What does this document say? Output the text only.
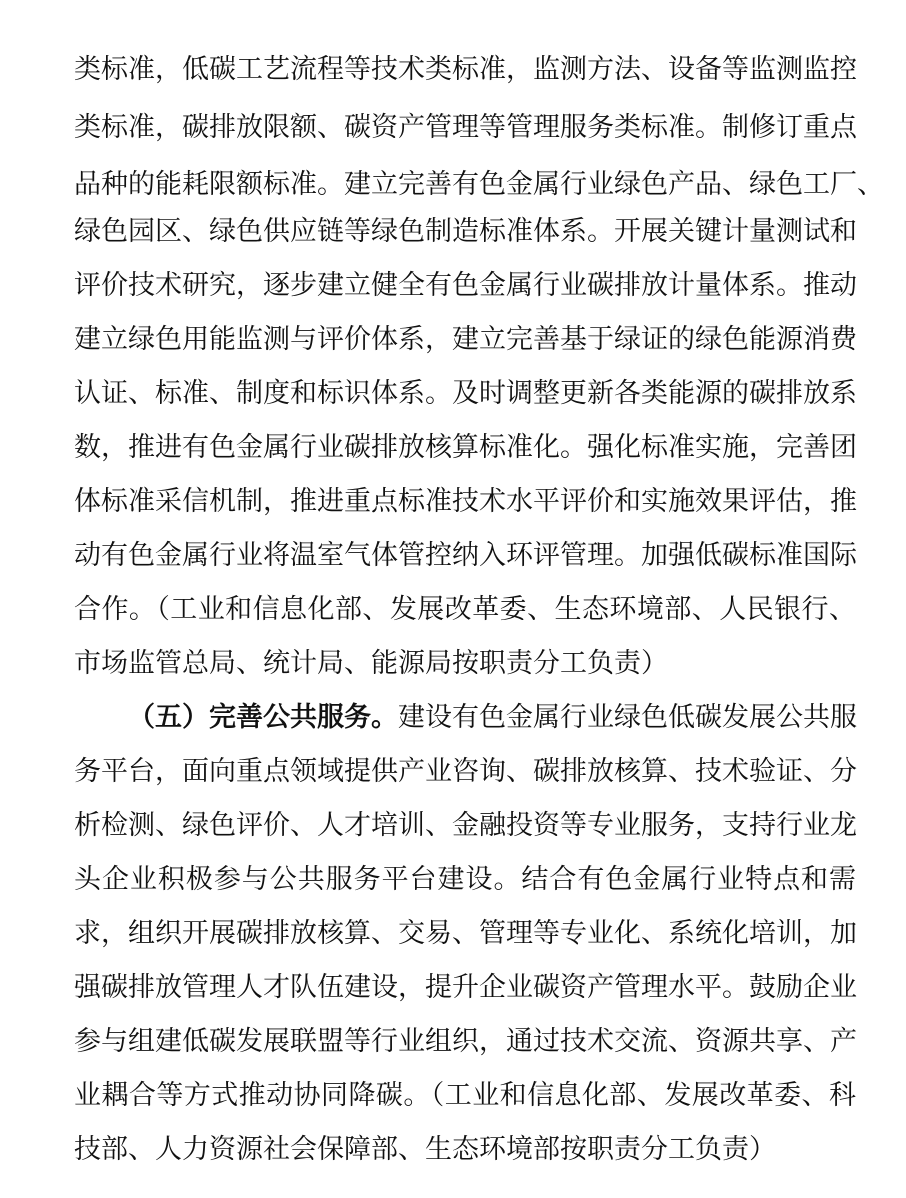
类标准，低碳工艺流程等技术类标准，监测方法、设备等监测监控
类标准，碳排放限额、碳资产管理等管理服务类标准。制修订重点
品种的能耗限额标准。建立完善有色金属行业绿色产品、绿色工厂、
绿色园区、绿色供应链等绿色制造标准体系。开展关键计量测试和
评价技术研究，逐步建立健全有色金属行业碳排放计量体系。推动
建立绿色用能监测与评价体系，建立完善基于绿证的绿色能源消费
认证、标准、制度和标识体系。及时调整更新各类能源的碳排放系
数，推进有色金属行业碳排放核算标准化。强化标准实施，完善团
体标准采信机制，推进重点标准技术水平评价和实施效果评估，推
动有色金属行业将温室气体管控纳入环评管理。加强低碳标准国际
合作。（工业和信息化部、发展改革委、生态环境部、人民银行、
市场监管总局、统计局、能源局按职责分工负责）
（五）完善公共服务。建设有色金属行业绿色低碳发展公共服
务平台，面向重点领域提供产业咨询、碳排放核算、技术验证、分
析检测、绿色评价、人才培训、金融投资等专业服务，支持行业龙
头企业积极参与公共服务平台建设。结合有色金属行业特点和需
求，组织开展碳排放核算、交易、管理等专业化、系统化培训，加
强碳排放管理人才队伍建设，提升企业碳资产管理水平。鼓励企业
参与组建低碳发展联盟等行业组织，通过技术交流、资源共享、产
业耦合等方式推动协同降碳。（工业和信息化部、发展改革委、科
技部、人力资源社会保障部、生态环境部按职责分工负责）
